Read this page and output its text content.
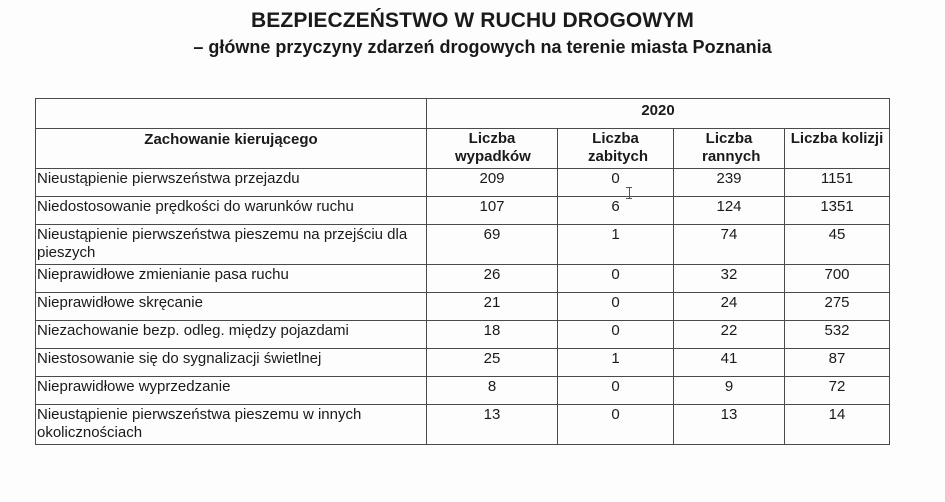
BEZPIECZEŃSTWO W RUCHU DROGOWYM
– główne przyczyny zdarzeń drogowych na terenie miasta Poznania
	2020			
Zachowanie kierującego	Liczba wypadków	Liczba zabitych	Liczba rannych	Liczba kolizji
Nieustąpienie pierwszeństwa przejazdu	209	0	239	1151
Niedostosowanie prędkości do warunków ruchu	107	6	124	1351
Nieustąpienie pierwszeństwa pieszemu na przejściu dla pieszych	69	1	74	45
Nieprawidłowe zmienianie pasa ruchu	26	0	32	700
Nieprawidłowe skręcanie	21	0	24	275
Niezachowanie bezp. odleg. między pojazdami	18	0	22	532
Niestosowanie się do sygnalizacji świetlnej	25	1	41	87
Nieprawidłowe wyprzedzanie	8	0	9	72
Nieustąpienie pierwszeństwa pieszemu w innych okolicznościach	13	0	13	14
